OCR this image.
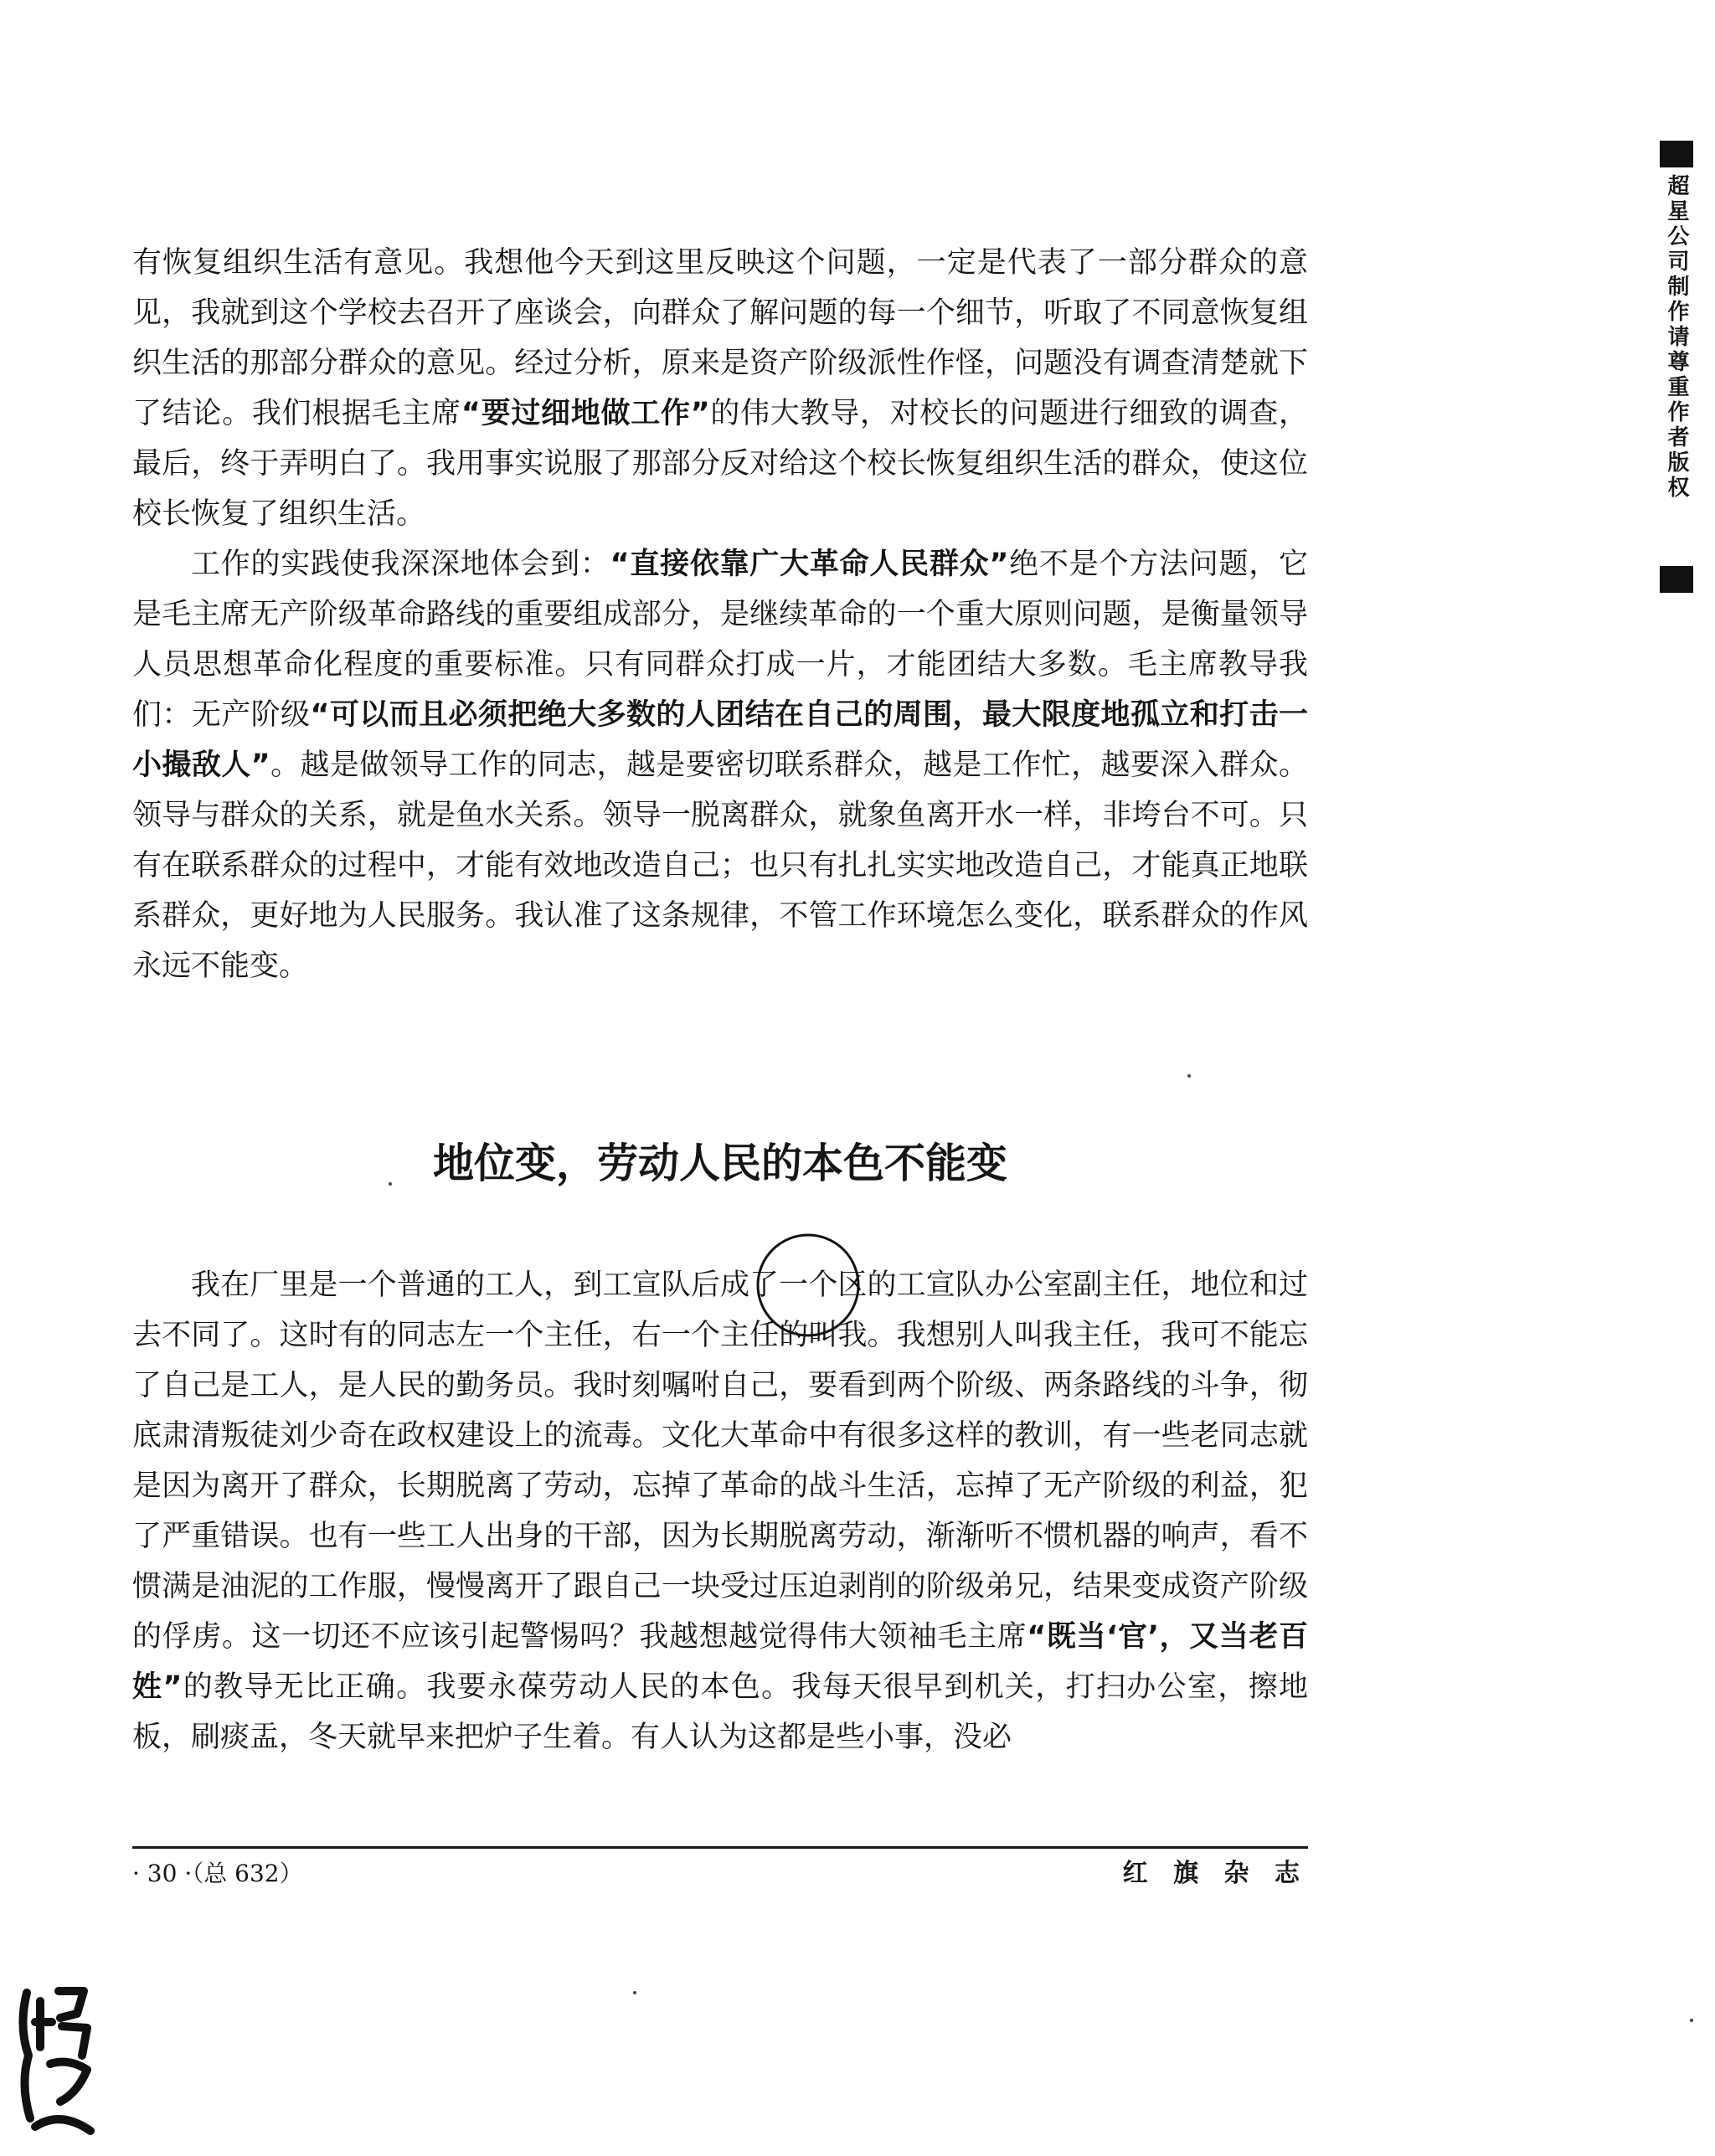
超星公司制作请尊重作者版权

有恢复组织生活有意见。我想他今天到这里反映这个问题，一定是代表了一部分群众的意见，我就到这个学校去召开了座谈会，向群众了解问题的每一个细节，听取了不同意恢复组织生活的那部分群众的意见。经过分析，原来是资产阶级派性作怪，问题没有调查清楚就下了结论。我们根据毛主席“要过细地做工作”的伟大教导，对校长的问题进行细致的调查，最后，终于弄明白了。我用事实说服了那部分反对给这个校长恢复组织生活的群众，使这位校长恢复了组织生活。

工作的实践使我深深地体会到：“直接依靠广大革命人民群众”绝不是个方法问题，它是毛主席无产阶级革命路线的重要组成部分，是继续革命的一个重大原则问题，是衡量领导人员思想革命化程度的重要标准。只有同群众打成一片，才能团结大多数。毛主席教导我们：无产阶级“可以而且必须把绝大多数的人团结在自己的周围，最大限度地孤立和打击一小撮敌人”。越是做领导工作的同志，越是要密切联系群众，越是工作忙，越要深入群众。领导与群众的关系，就是鱼水关系。领导一脱离群众，就象鱼离开水一样，非垮台不可。只有在联系群众的过程中，才能有效地改造自己；也只有扎扎实实地改造自己，才能真正地联系群众，更好地为人民服务。我认准了这条规律，不管工作环境怎么变化，联系群众的作风永远不能变。

地位变，劳动人民的本色不能变

我在厂里是一个普通的工人，到工宣队后成了一个区的工宣队办公室副主任，地位和过去不同了。这时有的同志左一个主任，右一个主任的叫我。我想别人叫我主任，我可不能忘了自己是工人，是人民的勤务员。我时刻嘱咐自己，要看到两个阶级、两条路线的斗争，彻底肃清叛徒刘少奇在政权建设上的流毒。文化大革命中有很多这样的教训，有一些老同志就是因为离开了群众，长期脱离了劳动，忘掉了革命的战斗生活，忘掉了无产阶级的利益，犯了严重错误。也有一些工人出身的干部，因为长期脱离劳动，渐渐听不惯机器的响声，看不惯满是油泥的工作服，慢慢离开了跟自己一块受过压迫剥削的阶级弟兄，结果变成资产阶级的俘虏。这一切还不应该引起警惕吗？我越想越觉得伟大领袖毛主席“既当‘官’，又当老百姓”的教导无比正确。我要永葆劳动人民的本色。我每天很早到机关，打扫办公室，擦地板，刷痰盂，冬天就早来把炉子生着。有人认为这都是些小事，没必

· 30 ·（总 632）	红 旗 杂 志
